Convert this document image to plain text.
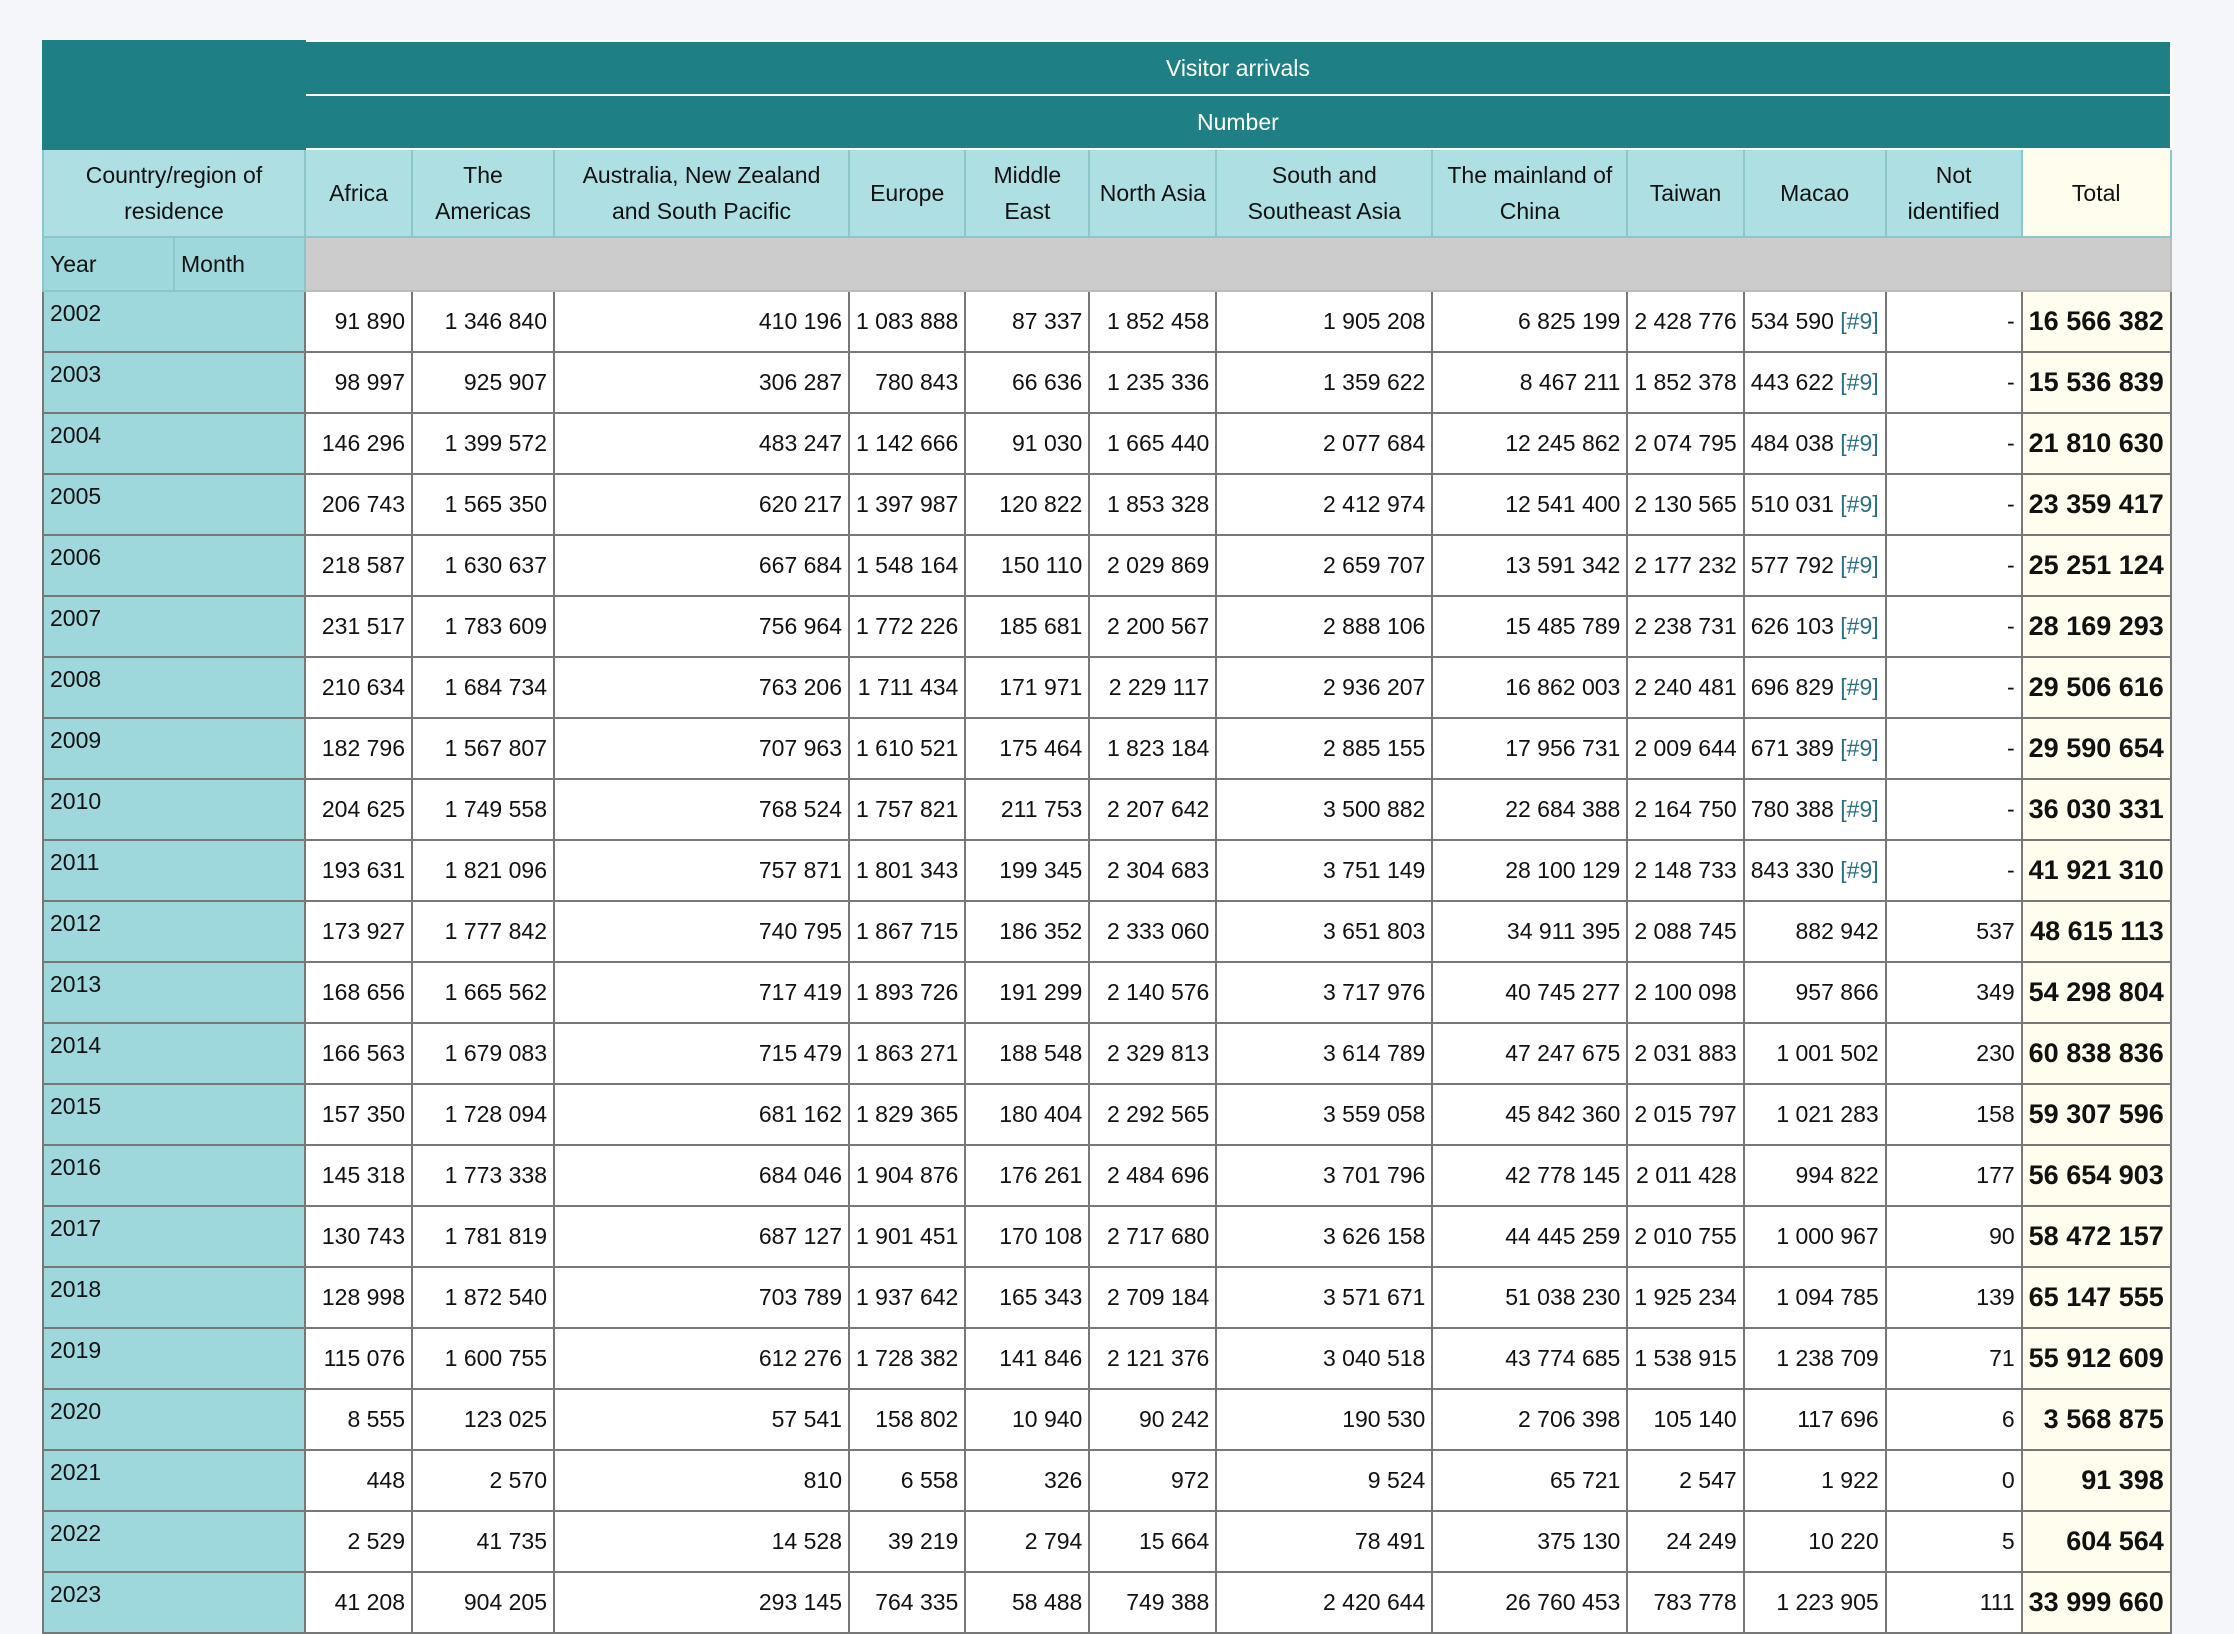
		Visitor arrivals											
		Number											
Country/region of residence		Africa	The Americas	Australia, New Zealand and South Pacific	Europe	Middle East	North Asia	South and Southeast Asia	The mainland of China	Taiwan	Macao	Not identified	Total
Year	Month												
2002		91 890	1 346 840	410 196	1 083 888	87 337	1 852 458	1 905 208	6 825 199	2 428 776	534 590 [#9]	-	16 566 382
2003		98 997	925 907	306 287	780 843	66 636	1 235 336	1 359 622	8 467 211	1 852 378	443 622 [#9]	-	15 536 839
2004		146 296	1 399 572	483 247	1 142 666	91 030	1 665 440	2 077 684	12 245 862	2 074 795	484 038 [#9]	-	21 810 630
2005		206 743	1 565 350	620 217	1 397 987	120 822	1 853 328	2 412 974	12 541 400	2 130 565	510 031 [#9]	-	23 359 417
2006		218 587	1 630 637	667 684	1 548 164	150 110	2 029 869	2 659 707	13 591 342	2 177 232	577 792 [#9]	-	25 251 124
2007		231 517	1 783 609	756 964	1 772 226	185 681	2 200 567	2 888 106	15 485 789	2 238 731	626 103 [#9]	-	28 169 293
2008		210 634	1 684 734	763 206	1 711 434	171 971	2 229 117	2 936 207	16 862 003	2 240 481	696 829 [#9]	-	29 506 616
2009		182 796	1 567 807	707 963	1 610 521	175 464	1 823 184	2 885 155	17 956 731	2 009 644	671 389 [#9]	-	29 590 654
2010		204 625	1 749 558	768 524	1 757 821	211 753	2 207 642	3 500 882	22 684 388	2 164 750	780 388 [#9]	-	36 030 331
2011		193 631	1 821 096	757 871	1 801 343	199 345	2 304 683	3 751 149	28 100 129	2 148 733	843 330 [#9]	-	41 921 310
2012		173 927	1 777 842	740 795	1 867 715	186 352	2 333 060	3 651 803	34 911 395	2 088 745	882 942	537	48 615 113
2013		168 656	1 665 562	717 419	1 893 726	191 299	2 140 576	3 717 976	40 745 277	2 100 098	957 866	349	54 298 804
2014		166 563	1 679 083	715 479	1 863 271	188 548	2 329 813	3 614 789	47 247 675	2 031 883	1 001 502	230	60 838 836
2015		157 350	1 728 094	681 162	1 829 365	180 404	2 292 565	3 559 058	45 842 360	2 015 797	1 021 283	158	59 307 596
2016		145 318	1 773 338	684 046	1 904 876	176 261	2 484 696	3 701 796	42 778 145	2 011 428	994 822	177	56 654 903
2017		130 743	1 781 819	687 127	1 901 451	170 108	2 717 680	3 626 158	44 445 259	2 010 755	1 000 967	90	58 472 157
2018		128 998	1 872 540	703 789	1 937 642	165 343	2 709 184	3 571 671	51 038 230	1 925 234	1 094 785	139	65 147 555
2019		115 076	1 600 755	612 276	1 728 382	141 846	2 121 376	3 040 518	43 774 685	1 538 915	1 238 709	71	55 912 609
2020		8 555	123 025	57 541	158 802	10 940	90 242	190 530	2 706 398	105 140	117 696	6	3 568 875
2021		448	2 570	810	6 558	326	972	9 524	65 721	2 547	1 922	0	91 398
2022		2 529	41 735	14 528	39 219	2 794	15 664	78 491	375 130	24 249	10 220	5	604 564
2023		41 208	904 205	293 145	764 335	58 488	749 388	2 420 644	26 760 453	783 778	1 223 905	111	33 999 660
